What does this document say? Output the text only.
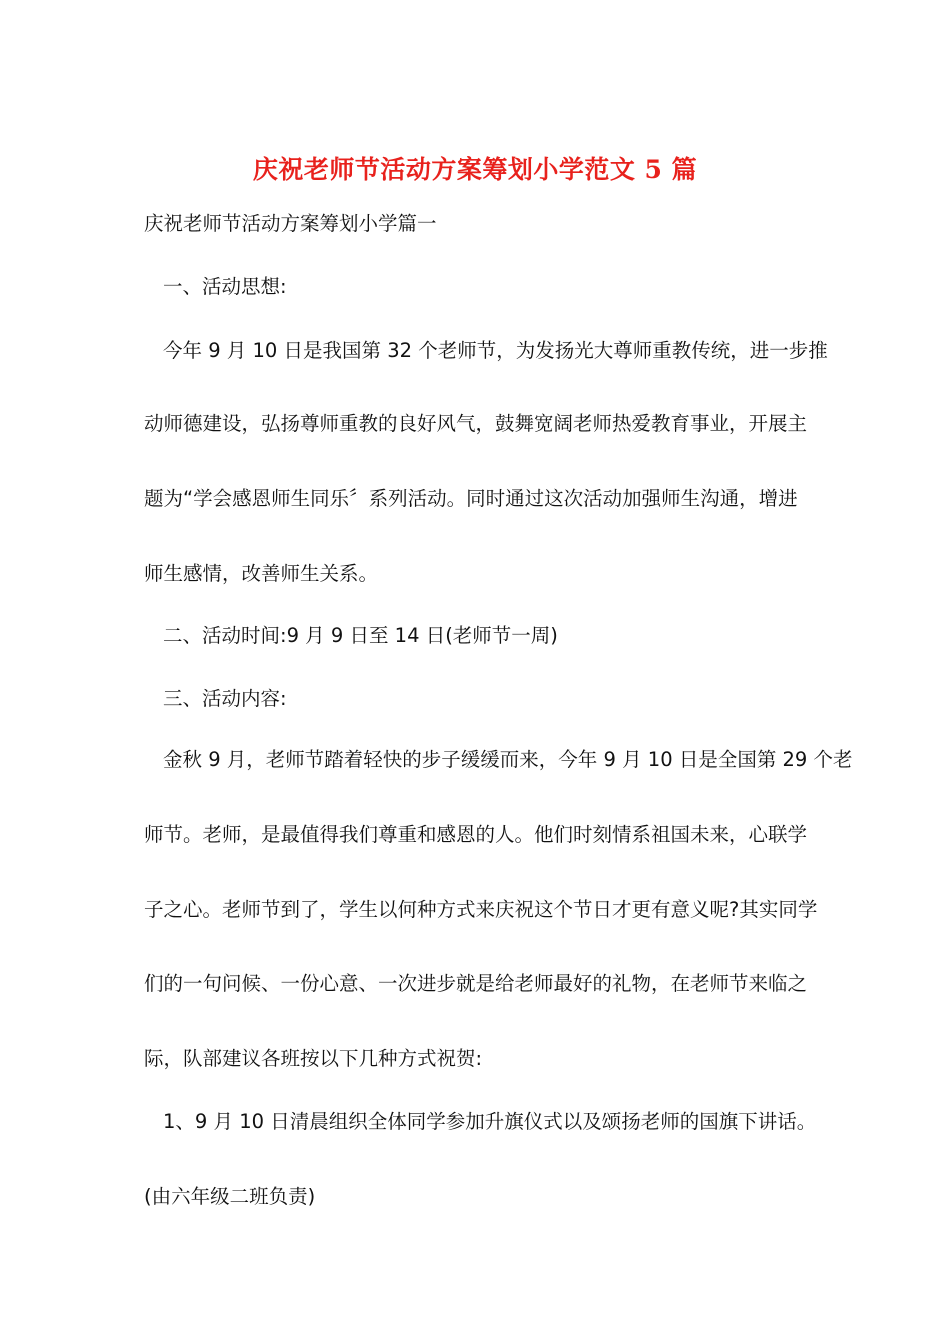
庆祝老师节活动方案筹划小学范文 5 篇
庆祝老师节活动方案筹划小学篇一
一、活动思想:
今年 9 月 10 日是我国第 32 个老师节，为发扬光大尊师重教传统，进一步推
动师德建设，弘扬尊师重教的良好风气，鼓舞宽阔老师热爱教育事业，开展主
题为“学会感恩师生同乐〞系列活动。同时通过这次活动加强师生沟通，增进
师生感情，改善师生关系。
二、活动时间:9 月 9 日至 14 日(老师节一周)
三、活动内容:
金秋 9 月，老师节踏着轻快的步子缓缓而来，今年 9 月 10 日是全国第 29 个老
师节。老师，是最值得我们尊重和感恩的人。他们时刻情系祖国未来，心联学
子之心。老师节到了，学生以何种方式来庆祝这个节日才更有意义呢?其实同学
们的一句问候、一份心意、一次进步就是给老师最好的礼物，在老师节来临之
际，队部建议各班按以下几种方式祝贺:
1、9 月 10 日清晨组织全体同学参加升旗仪式以及颂扬老师的国旗下讲话。
(由六年级二班负责)
